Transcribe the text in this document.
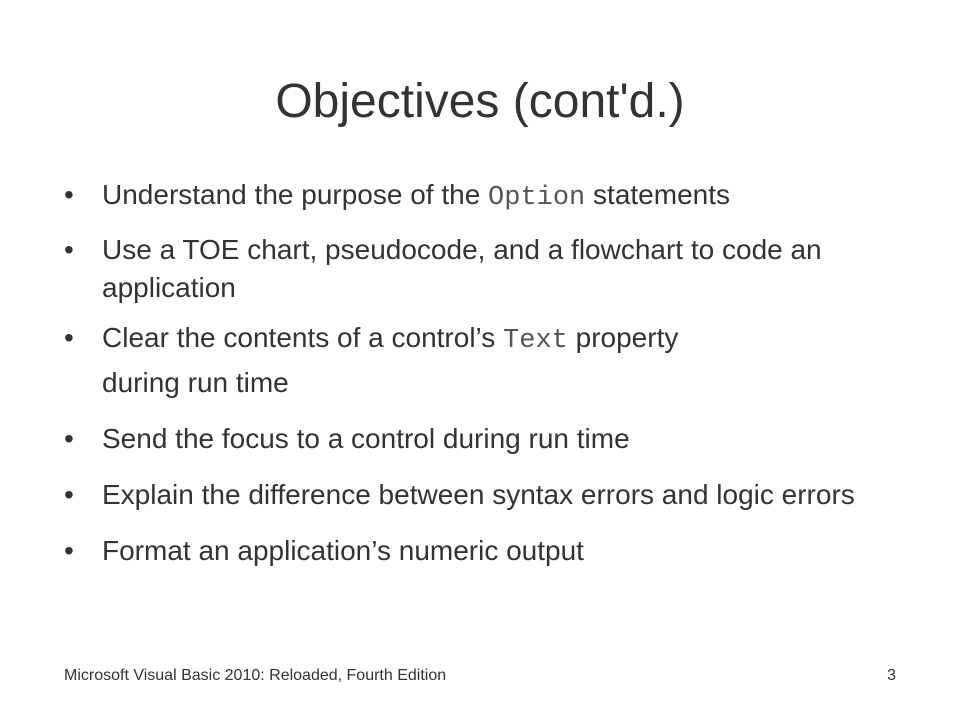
Objectives (cont'd.)
• Understand the purpose of the Option statements
• Use a TOE chart, pseudocode, and a flowchart to code an application
• Clear the contents of a control’s Text property
during run time
• Send the focus to a control during run time
• Explain the difference between syntax errors and logic errors
• Format an application’s numeric output
Microsoft Visual Basic 2010: Reloaded, Fourth Edition	3
